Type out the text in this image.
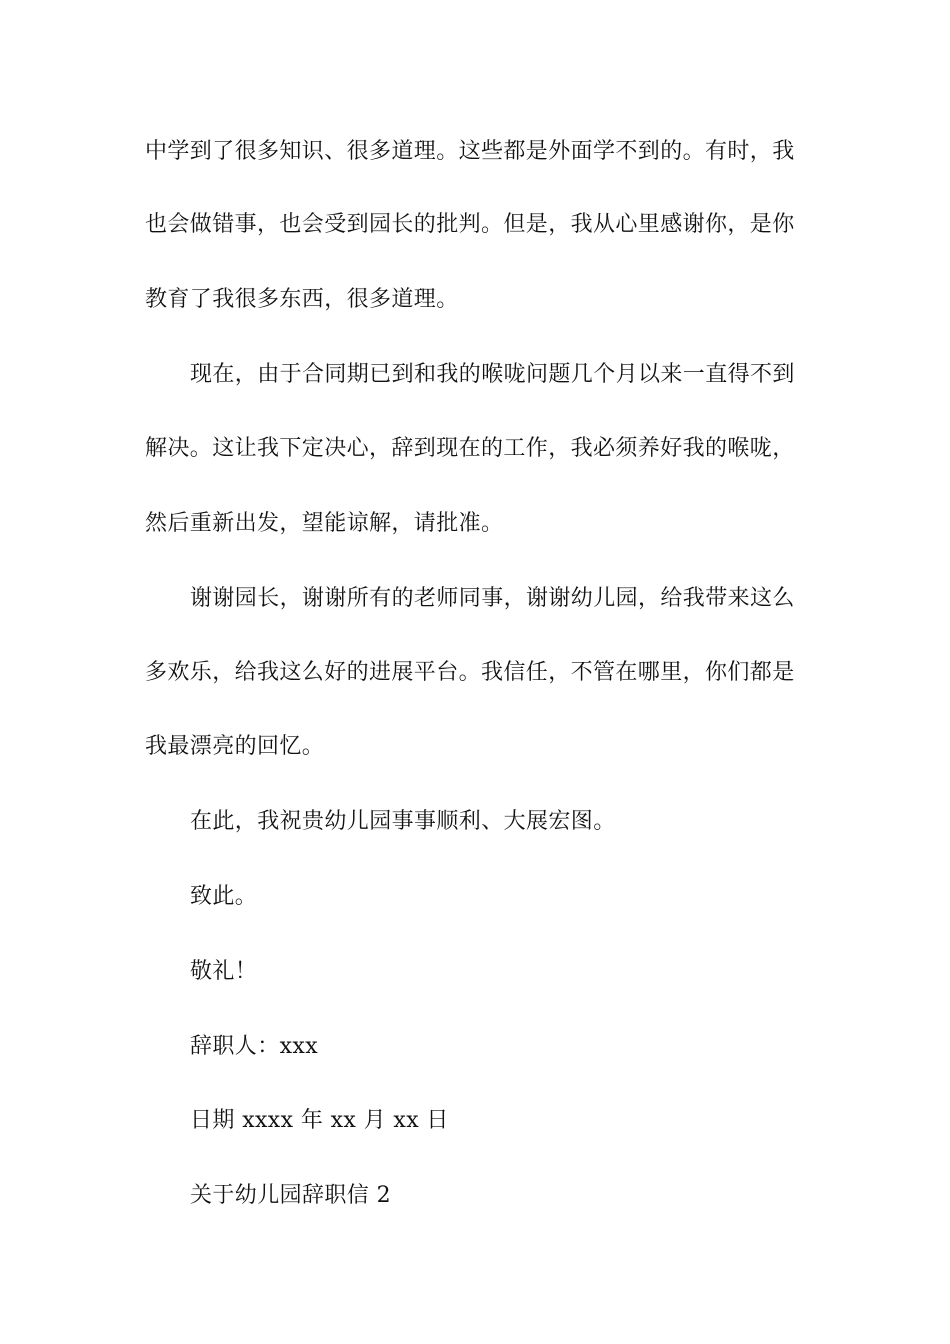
中学到了很多知识、很多道理。这些都是外面学不到的。有时，我
也会做错事，也会受到园长的批判。但是，我从心里感谢你，是你
教育了我很多东西，很多道理。
现在，由于合同期已到和我的喉咙问题几个月以来一直得不到
解决。这让我下定决心，辞到现在的工作，我必须养好我的喉咙，
然后重新出发，望能谅解，请批准。
谢谢园长，谢谢所有的老师同事，谢谢幼儿园，给我带来这么
多欢乐，给我这么好的进展平台。我信任，不管在哪里，你们都是
我最漂亮的回忆。
在此，我祝贵幼儿园事事顺利、大展宏图。
致此。
敬礼！
辞职人：xxx
日期 xxxx 年 xx 月 xx 日
关于幼儿园辞职信 2
